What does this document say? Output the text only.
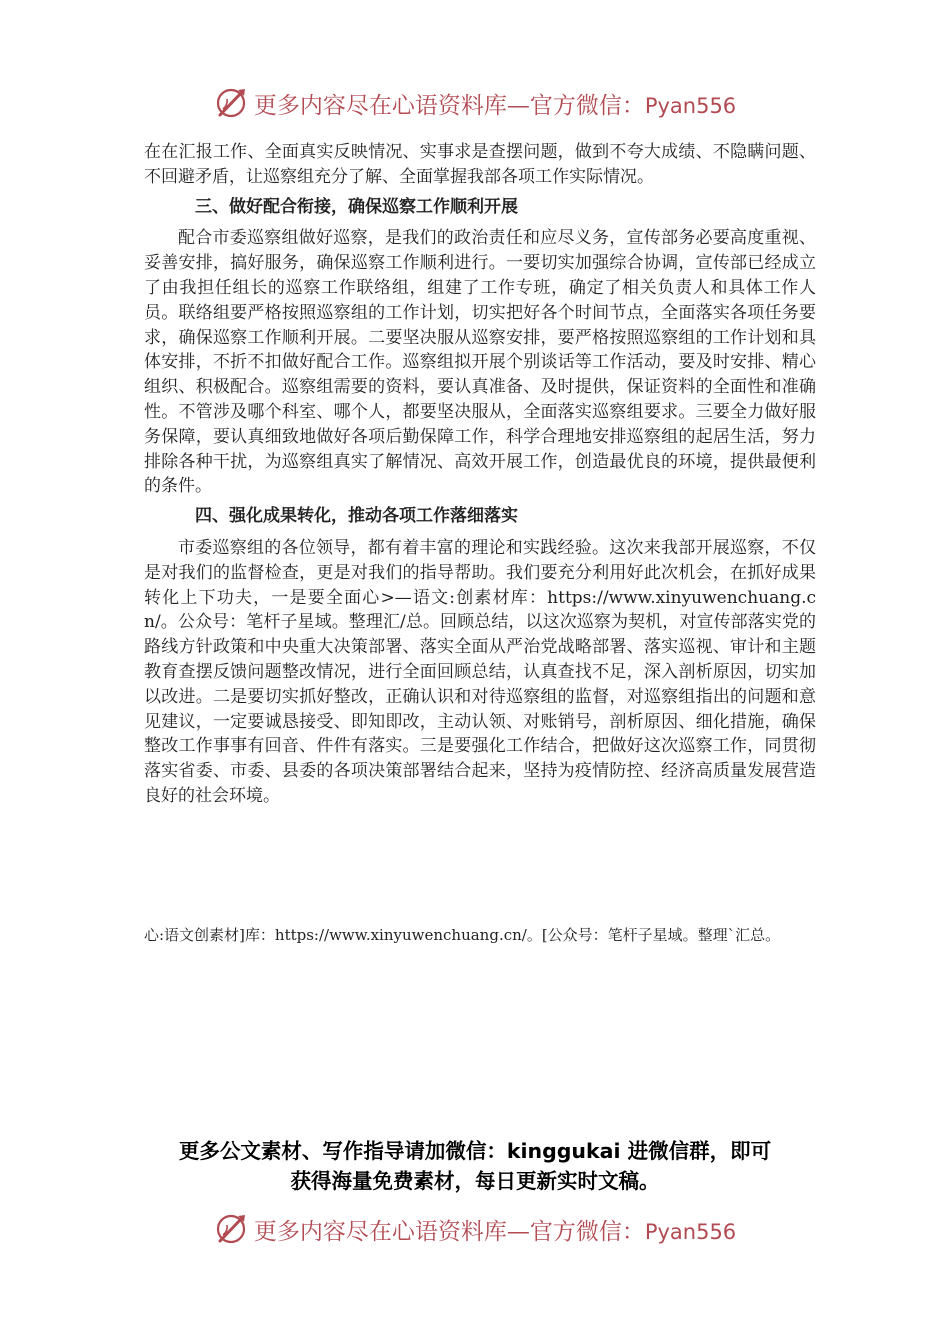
更多内容尽在心语资料库—官方微信：Pyan556

在在汇报工作、全面真实反映情况、实事求是查摆问题，做到不夸大成绩、不隐瞒问题、不回避矛盾，让巡察组充分了解、全面掌握我部各项工作实际情况。

三、做好配合衔接，确保巡察工作顺利开展

配合市委巡察组做好巡察，是我们的政治责任和应尽义务，宣传部务必要高度重视、妥善安排，搞好服务，确保巡察工作顺利进行。一要切实加强综合协调，宣传部已经成立了由我担任组长的巡察工作联络组，组建了工作专班，确定了相关负责人和具体工作人员。联络组要严格按照巡察组的工作计划，切实把好各个时间节点，全面落实各项任务要求，确保巡察工作顺利开展。二要坚决服从巡察安排，要严格按照巡察组的工作计划和具体安排，不折不扣做好配合工作。巡察组拟开展个别谈话等工作活动，要及时安排、精心组织、积极配合。巡察组需要的资料，要认真准备、及时提供，保证资料的全面性和准确性。不管涉及哪个科室、哪个人，都要坚决服从，全面落实巡察组要求。三要全力做好服务保障，要认真细致地做好各项后勤保障工作，科学合理地安排巡察组的起居生活，努力排除各种干扰，为巡察组真实了解情况、高效开展工作，创造最优良的环境，提供最便利的条件。

四、强化成果转化，推动各项工作落细落实

市委巡察组的各位领导，都有着丰富的理论和实践经验。这次来我部开展巡察，不仅是对我们的监督检查，更是对我们的指导帮助。我们要充分利用好此次机会，在抓好成果转化上下功夫，一是要全面心>—语文:创素材库：https://www.xinyuwenchuang.cn/。公众号：笔杆子星域。整理汇/总。回顾总结，以这次巡察为契机，对宣传部落实党的路线方针政策和中央重大决策部署、落实全面从严治党战略部署、落实巡视、审计和主题教育查摆反馈问题整改情况，进行全面回顾总结，认真查找不足，深入剖析原因，切实加以改进。二是要切实抓好整改，正确认识和对待巡察组的监督，对巡察组指出的问题和意见建议，一定要诚恳接受、即知即改，主动认领、对账销号，剖析原因、细化措施，确保整改工作事事有回音、件件有落实。三是要强化工作结合，把做好这次巡察工作，同贯彻落实省委、市委、县委的各项决策部署结合起来，坚持为疫情防控、经济高质量发展营造良好的社会环境。

心:语文创素材]库：https://www.xinyuwenchuang.cn/。[公众号：笔杆子星域。整理`汇总。
更多公文素材、写作指导请加微信：kinggukai 进微信群，即可
获得海量免费素材，每日更新实时文稿。
更多内容尽在心语资料库—官方微信：Pyan556
